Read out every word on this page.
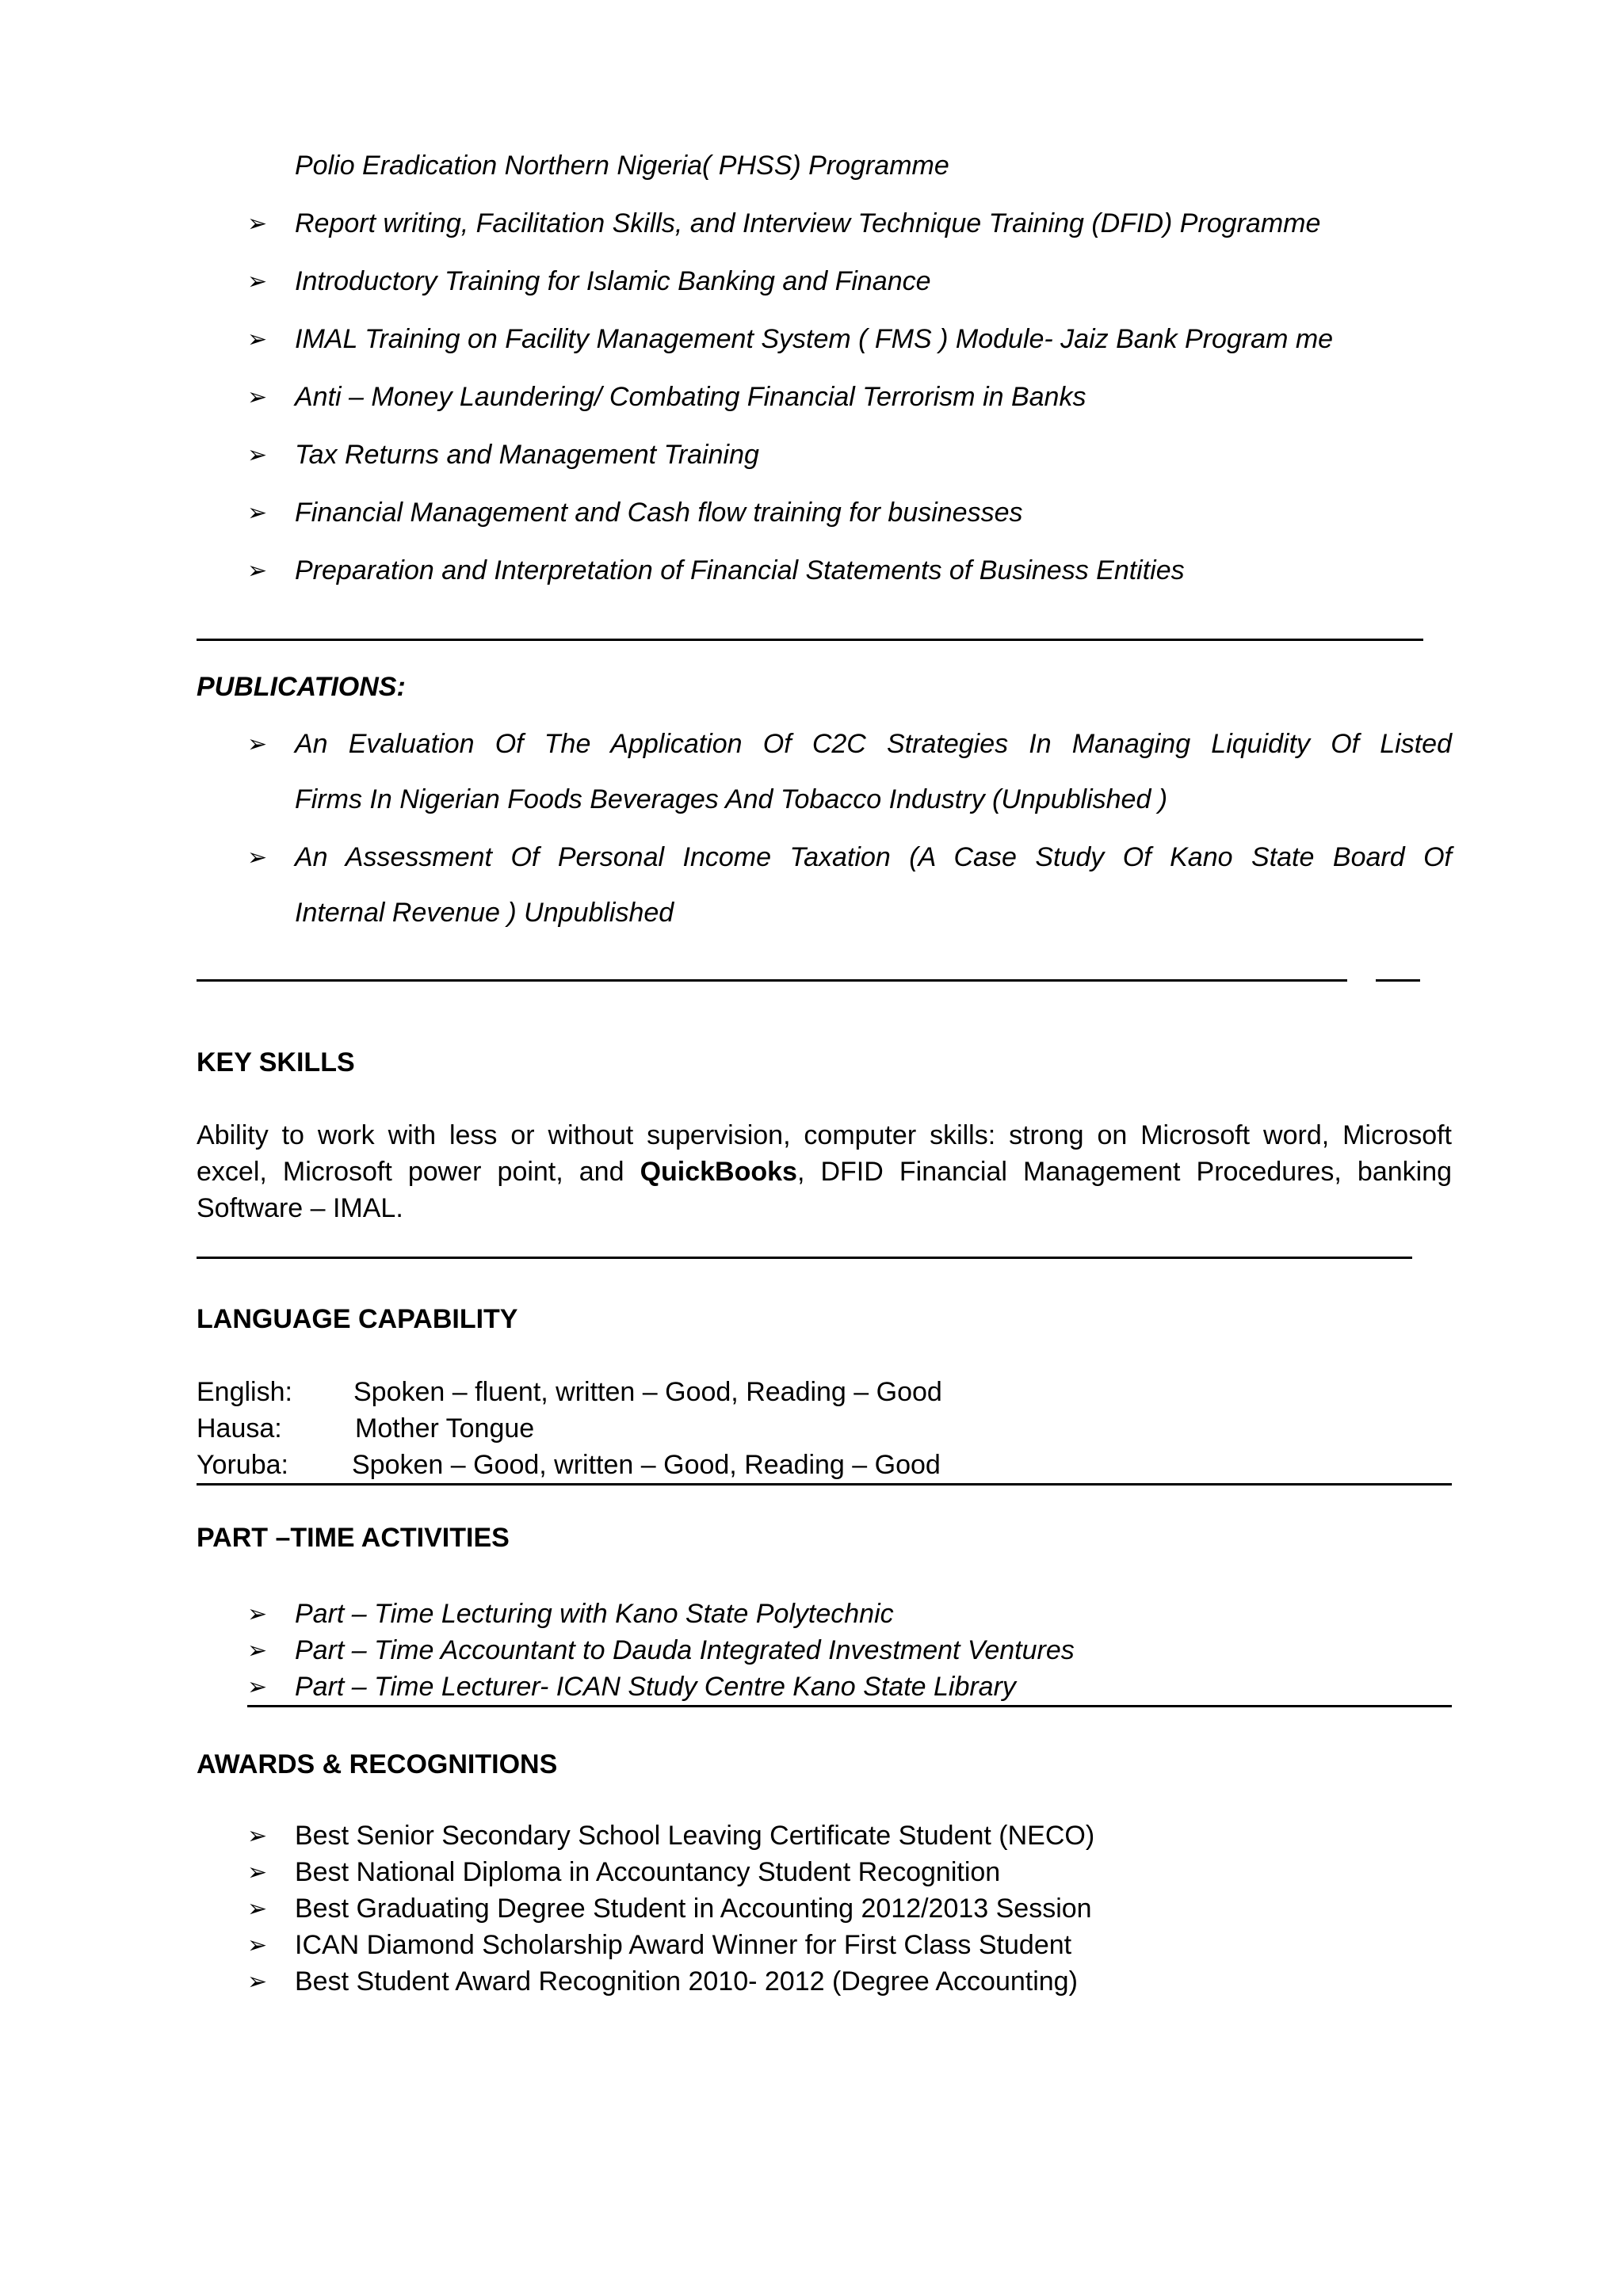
Polio Eradication Northern Nigeria( PHSS) Programme
➢ Report writing, Facilitation Skills, and Interview Technique Training (DFID) Programme
➢ Introductory Training for Islamic Banking and Finance
➢ IMAL Training on Facility Management System ( FMS ) Module- Jaiz Bank Program me
➢ Anti – Money Laundering/ Combating Financial Terrorism in Banks
➢ Tax Returns and Management Training
➢ Financial Management and Cash flow training for businesses
➢ Preparation and Interpretation of Financial Statements of Business Entities
PUBLICATIONS:
➢ An Evaluation Of The Application Of C2C Strategies In Managing Liquidity Of Listed
Firms In Nigerian Foods Beverages And Tobacco Industry (Unpublished )
➢ An Assessment Of Personal Income Taxation (A Case Study Of Kano State Board Of
Internal Revenue ) Unpublished
KEY SKILLS
Ability to work with less or without supervision, computer skills: strong on Microsoft word, Microsoft
excel, Microsoft power point, and QuickBooks, DFID Financial Management Procedures, banking
Software – IMAL.
LANGUAGE CAPABILITY
English: Spoken – fluent, written – Good, Reading – Good
Hausa:	Mother Tongue
Yoruba: Spoken – Good, written – Good, Reading – Good
PART –TIME ACTIVITIES
➢ Part – Time Lecturing with Kano State Polytechnic
➢ Part – Time Accountant to Dauda Integrated Investment Ventures
➢ Part – Time Lecturer- ICAN Study Centre Kano State Library
AWARDS & RECOGNITIONS
➢ Best Senior Secondary School Leaving Certificate Student (NECO)
➢ Best National Diploma in Accountancy Student Recognition
➢ Best Graduating Degree Student in Accounting 2012/2013 Session
➢ ICAN Diamond Scholarship Award Winner for First Class Student
➢ Best Student Award Recognition 2010- 2012 (Degree Accounting)
